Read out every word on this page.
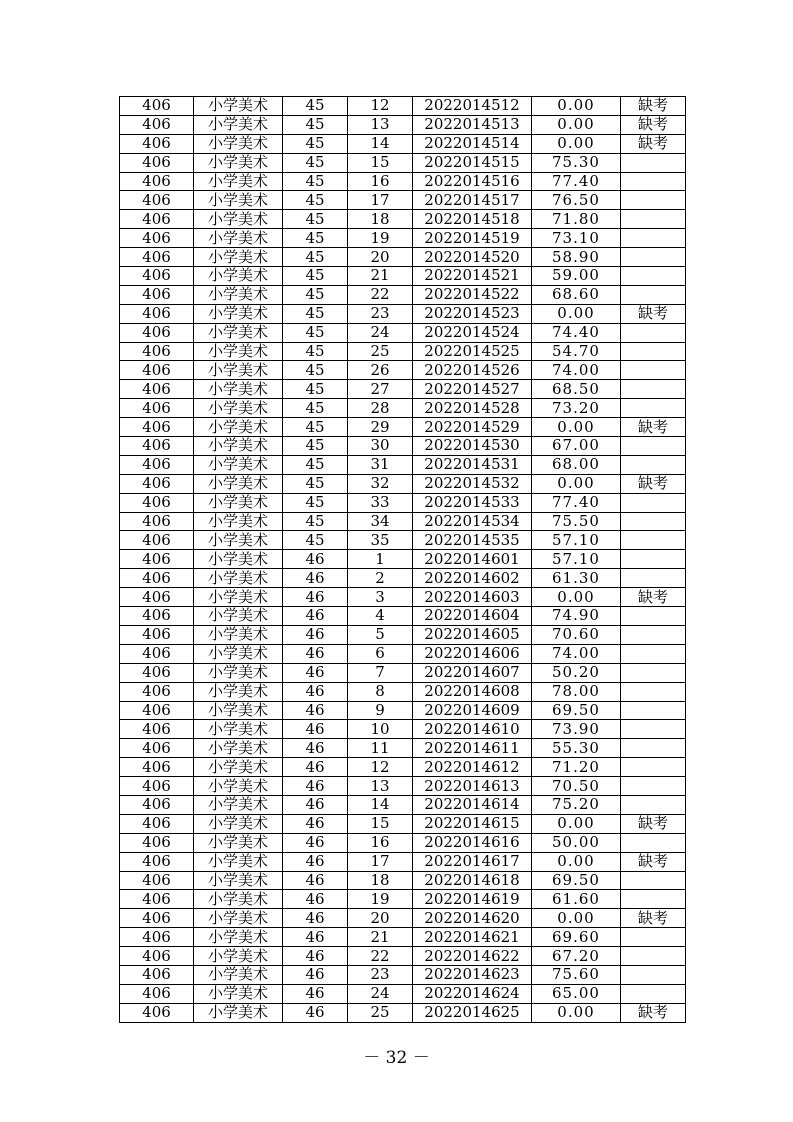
406	小学美术	45	12	2022014512	0.00	缺考
406	小学美术	45	13	2022014513	0.00	缺考
406	小学美术	45	14	2022014514	0.00	缺考
406	小学美术	45	15	2022014515	75.30	
406	小学美术	45	16	2022014516	77.40	
406	小学美术	45	17	2022014517	76.50	
406	小学美术	45	18	2022014518	71.80	
406	小学美术	45	19	2022014519	73.10	
406	小学美术	45	20	2022014520	58.90	
406	小学美术	45	21	2022014521	59.00	
406	小学美术	45	22	2022014522	68.60	
406	小学美术	45	23	2022014523	0.00	缺考
406	小学美术	45	24	2022014524	74.40	
406	小学美术	45	25	2022014525	54.70	
406	小学美术	45	26	2022014526	74.00	
406	小学美术	45	27	2022014527	68.50	
406	小学美术	45	28	2022014528	73.20	
406	小学美术	45	29	2022014529	0.00	缺考
406	小学美术	45	30	2022014530	67.00	
406	小学美术	45	31	2022014531	68.00	
406	小学美术	45	32	2022014532	0.00	缺考
406	小学美术	45	33	2022014533	77.40	
406	小学美术	45	34	2022014534	75.50	
406	小学美术	45	35	2022014535	57.10	
406	小学美术	46	1	2022014601	57.10	
406	小学美术	46	2	2022014602	61.30	
406	小学美术	46	3	2022014603	0.00	缺考
406	小学美术	46	4	2022014604	74.90	
406	小学美术	46	5	2022014605	70.60	
406	小学美术	46	6	2022014606	74.00	
406	小学美术	46	7	2022014607	50.20	
406	小学美术	46	8	2022014608	78.00	
406	小学美术	46	9	2022014609	69.50	
406	小学美术	46	10	2022014610	73.90	
406	小学美术	46	11	2022014611	55.30	
406	小学美术	46	12	2022014612	71.20	
406	小学美术	46	13	2022014613	70.50	
406	小学美术	46	14	2022014614	75.20	
406	小学美术	46	15	2022014615	0.00	缺考
406	小学美术	46	16	2022014616	50.00	
406	小学美术	46	17	2022014617	0.00	缺考
406	小学美术	46	18	2022014618	69.50	
406	小学美术	46	19	2022014619	61.60	
406	小学美术	46	20	2022014620	0.00	缺考
406	小学美术	46	21	2022014621	69.60	
406	小学美术	46	22	2022014622	67.20	
406	小学美术	46	23	2022014623	75.60	
406	小学美术	46	24	2022014624	65.00	
406	小学美术	46	25	2022014625	0.00	缺考
－ 32 －
